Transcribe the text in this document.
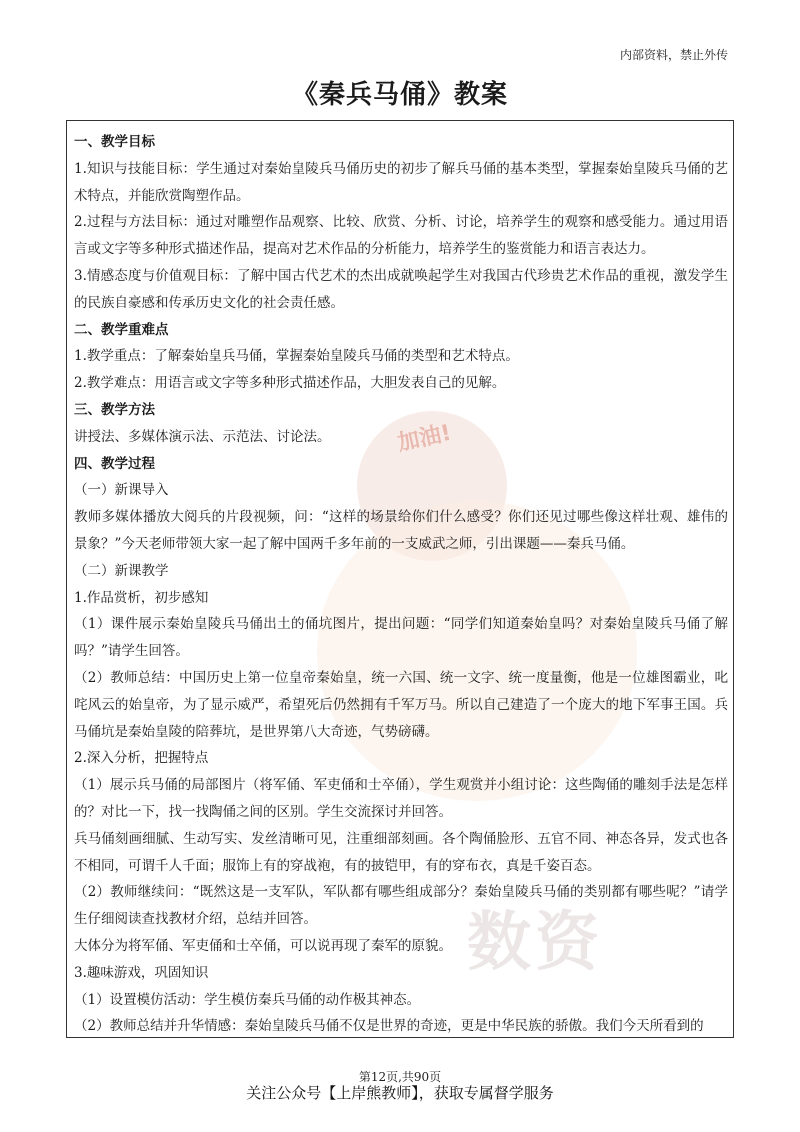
内部资料，禁止外传
《秦兵马俑》教案
加油!
数资

一、教学目标

1.知识与技能目标：学生通过对秦始皇陵兵马俑历史的初步了解兵马俑的基本类型，掌握秦始皇陵兵马俑的艺术特点，并能欣赏陶塑作品。

2.过程与方法目标：通过对雕塑作品观察、比较、欣赏、分析、讨论，培养学生的观察和感受能力。通过用语言或文字等多种形式描述作品，提高对艺术作品的分析能力，培养学生的鉴赏能力和语言表达力。

3.情感态度与价值观目标：了解中国古代艺术的杰出成就唤起学生对我国古代珍贵艺术作品的重视，激发学生的民族自豪感和传承历史文化的社会责任感。

二、教学重难点

1.教学重点：了解秦始皇兵马俑，掌握秦始皇陵兵马俑的类型和艺术特点。

2.教学难点：用语言或文字等多种形式描述作品，大胆发表自己的见解。

三、教学方法

讲授法、多媒体演示法、示范法、讨论法。

四、教学过程

（一）新课导入

教师多媒体播放大阅兵的片段视频，问：“这样的场景给你们什么感受？你们还见过哪些像这样壮观、雄伟的景象？”今天老师带领大家一起了解中国两千多年前的一支威武之师，引出课题——秦兵马俑。

（二）新课教学

1.作品赏析，初步感知

（1）课件展示秦始皇陵兵马俑出土的俑坑图片，提出问题：“同学们知道秦始皇吗？对秦始皇陵兵马俑了解吗？”请学生回答。

（2）教师总结：中国历史上第一位皇帝秦始皇，统一六国、统一文字、统一度量衡，他是一位雄图霸业，叱咤风云的始皇帝，为了显示威严，希望死后仍然拥有千军万马。所以自己建造了一个庞大的地下军事王国。兵马俑坑是秦始皇陵的陪葬坑，是世界第八大奇迹，气势磅礴。

2.深入分析，把握特点

（1）展示兵马俑的局部图片（将军俑、军吏俑和士卒俑），学生观赏并小组讨论：这些陶俑的雕刻手法是怎样的？对比一下，找一找陶俑之间的区别。学生交流探讨并回答。

兵马俑刻画细腻、生动写实、发丝清晰可见，注重细部刻画。各个陶俑脸形、五官不同、神态各异，发式也各不相同，可谓千人千面；服饰上有的穿战袍，有的披铠甲，有的穿布衣，真是千姿百态。

（2）教师继续问：“既然这是一支军队，军队都有哪些组成部分？秦始皇陵兵马俑的类别都有哪些呢？”请学生仔细阅读查找教材介绍，总结并回答。

大体分为将军俑、军吏俑和士卒俑，可以说再现了秦军的原貌。

3.趣味游戏，巩固知识

（1）设置模仿活动：学生模仿秦兵马俑的动作极其神态。

（2）教师总结并升华情感：秦始皇陵兵马俑不仅是世界的奇迹，更是中华民族的骄傲。我们今天所看到的

第12页,共90页
关注公众号【上岸熊教师】，获取专属督学服务
